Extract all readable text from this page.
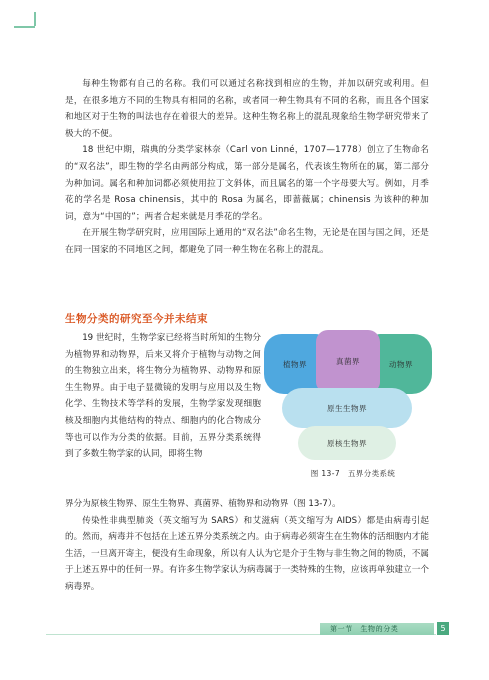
每种生物都有自己的名称。我们可以通过名称找到相应的生物，并加以研究或利用。但是，在很多地方不同的生物具有相同的名称，或者同一种生物具有不同的名称，而且各个国家和地区对于生物的叫法也存在着很大的差异。这种生物名称上的混乱现象给生物学研究带来了极大的不便。

18 世纪中期，瑞典的分类学家林奈（Carl von Linné，1707—1778）创立了生物命名的“双名法”，即生物的学名由两部分构成，第一部分是属名，代表该生物所在的属，第二部分为种加词。属名和种加词都必须使用拉丁文斜体，而且属名的第一个字母要大写。例如，月季花的学名是 Rosa chinensis，其中的 Rosa 为属名，即蔷薇属；chinensis 为该种的种加词，意为“中国的”；两者合起来就是月季花的学名。

在开展生物学研究时，应用国际上通用的“双名法”命名生物，无论是在国与国之间，还是在同一国家的不同地区之间，都避免了同一种生物在名称上的混乱。

生物分类的研究至今并未结束

19 世纪时，生物学家已经将当时所知的生物分为植物界和动物界，后来又将介于植物与动物之间的生物独立出来，将生物分为植物界、动物界和原生生物界。由于电子显微镜的发明与应用以及生物化学、生物技术等学科的发展，生物学家发现细胞核及细胞内其他结构的特点、细胞内的化合物成分等也可以作为分类的依据。目前，五界分类系统得到了多数生物学家的认同，即将生物

植物界	动物界
真菌界
原生生物界
原核生物界
图 13-7　五界分类系统

界分为原核生物界、原生生物界、真菌界、植物界和动物界（图 13-7）。

传染性非典型肺炎（英文缩写为 SARS）和艾滋病（英文缩写为 AIDS）都是由病毒引起的。然而，病毒并不包括在上述五界分类系统之内。由于病毒必须寄生在生物体的活细胞内才能生活，一旦离开寄主，便没有生命现象，所以有人认为它是介于生物与非生物之间的物质，不属于上述五界中的任何一界。有许多生物学家认为病毒属于一类特殊的生物，应该再单独建立一个病毒界。

第一节　生物的分类	5
